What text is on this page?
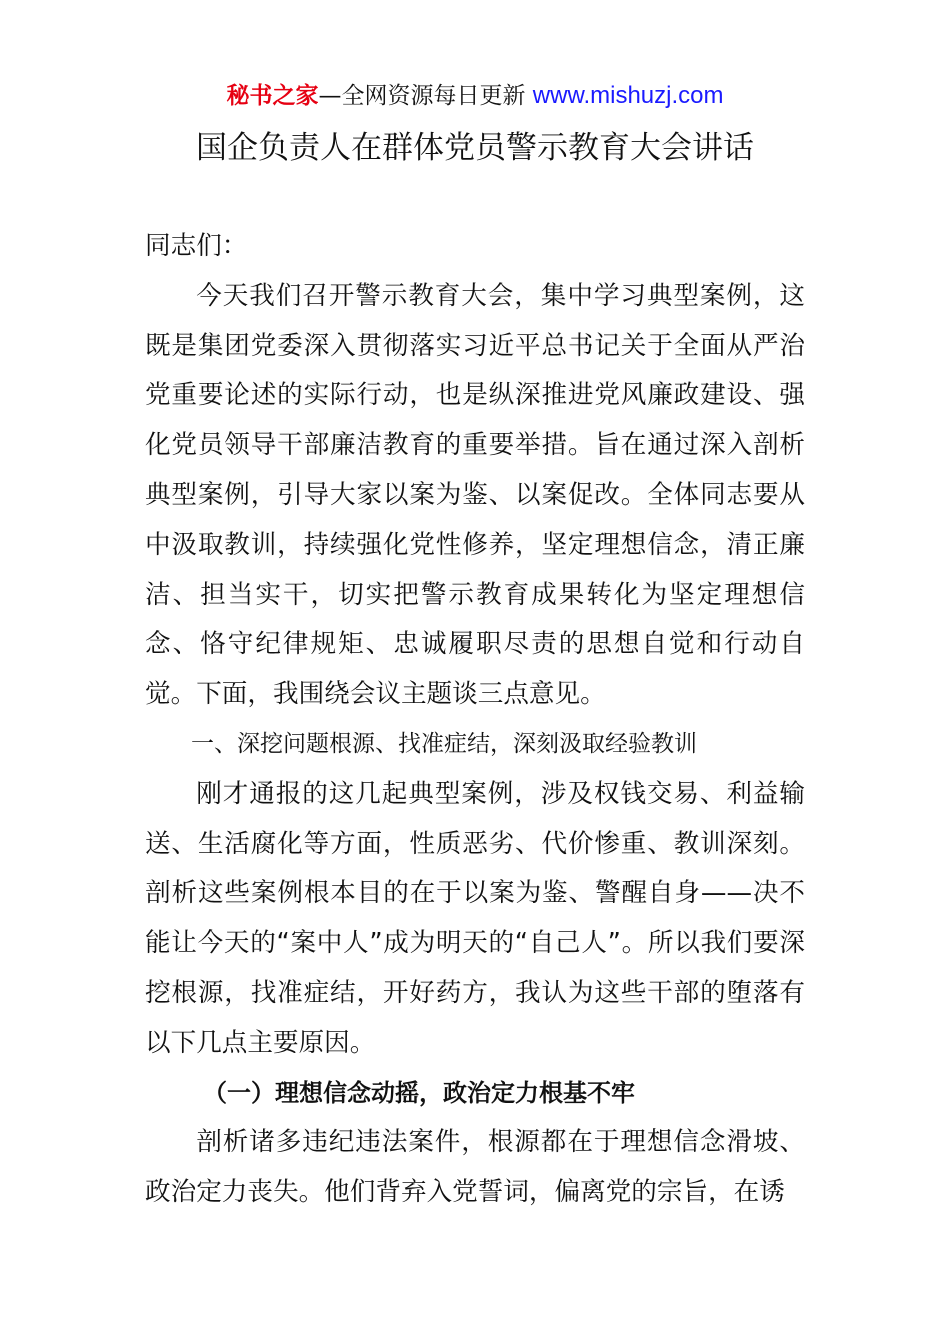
秘书之家—全网资源每日更新 www.mishuzj.com
国企负责人在群体党员警示教育大会讲话

同志们：

今天我们召开警示教育大会，集中学习典型案例，这既是集团党委深入贯彻落实习近平总书记关于全面从严治党重要论述的实际行动，也是纵深推进党风廉政建设、强化党员领导干部廉洁教育的重要举措。旨在通过深入剖析典型案例，引导大家以案为鉴、以案促改。全体同志要从中汲取教训，持续强化党性修养，坚定理想信念，清正廉洁、担当实干，切实把警示教育成果转化为坚定理想信念、恪守纪律规矩、忠诚履职尽责的思想自觉和行动自觉。下面，我围绕会议主题谈三点意见。

一、深挖问题根源、找准症结，深刻汲取经验教训

刚才通报的这几起典型案例，涉及权钱交易、利益输送、生活腐化等方面，性质恶劣、代价惨重、教训深刻。剖析这些案例根本目的在于以案为鉴、警醒自身——决不能让今天的“案中人”成为明天的“自己人”。所以我们要深挖根源，找准症结，开好药方，我认为这些干部的堕落有以下几点主要原因。

（一）理想信念动摇，政治定力根基不牢

剖析诸多违纪违法案件，根源都在于理想信念滑坡、政治定力丧失。他们背弃入党誓词，偏离党的宗旨，在诱
